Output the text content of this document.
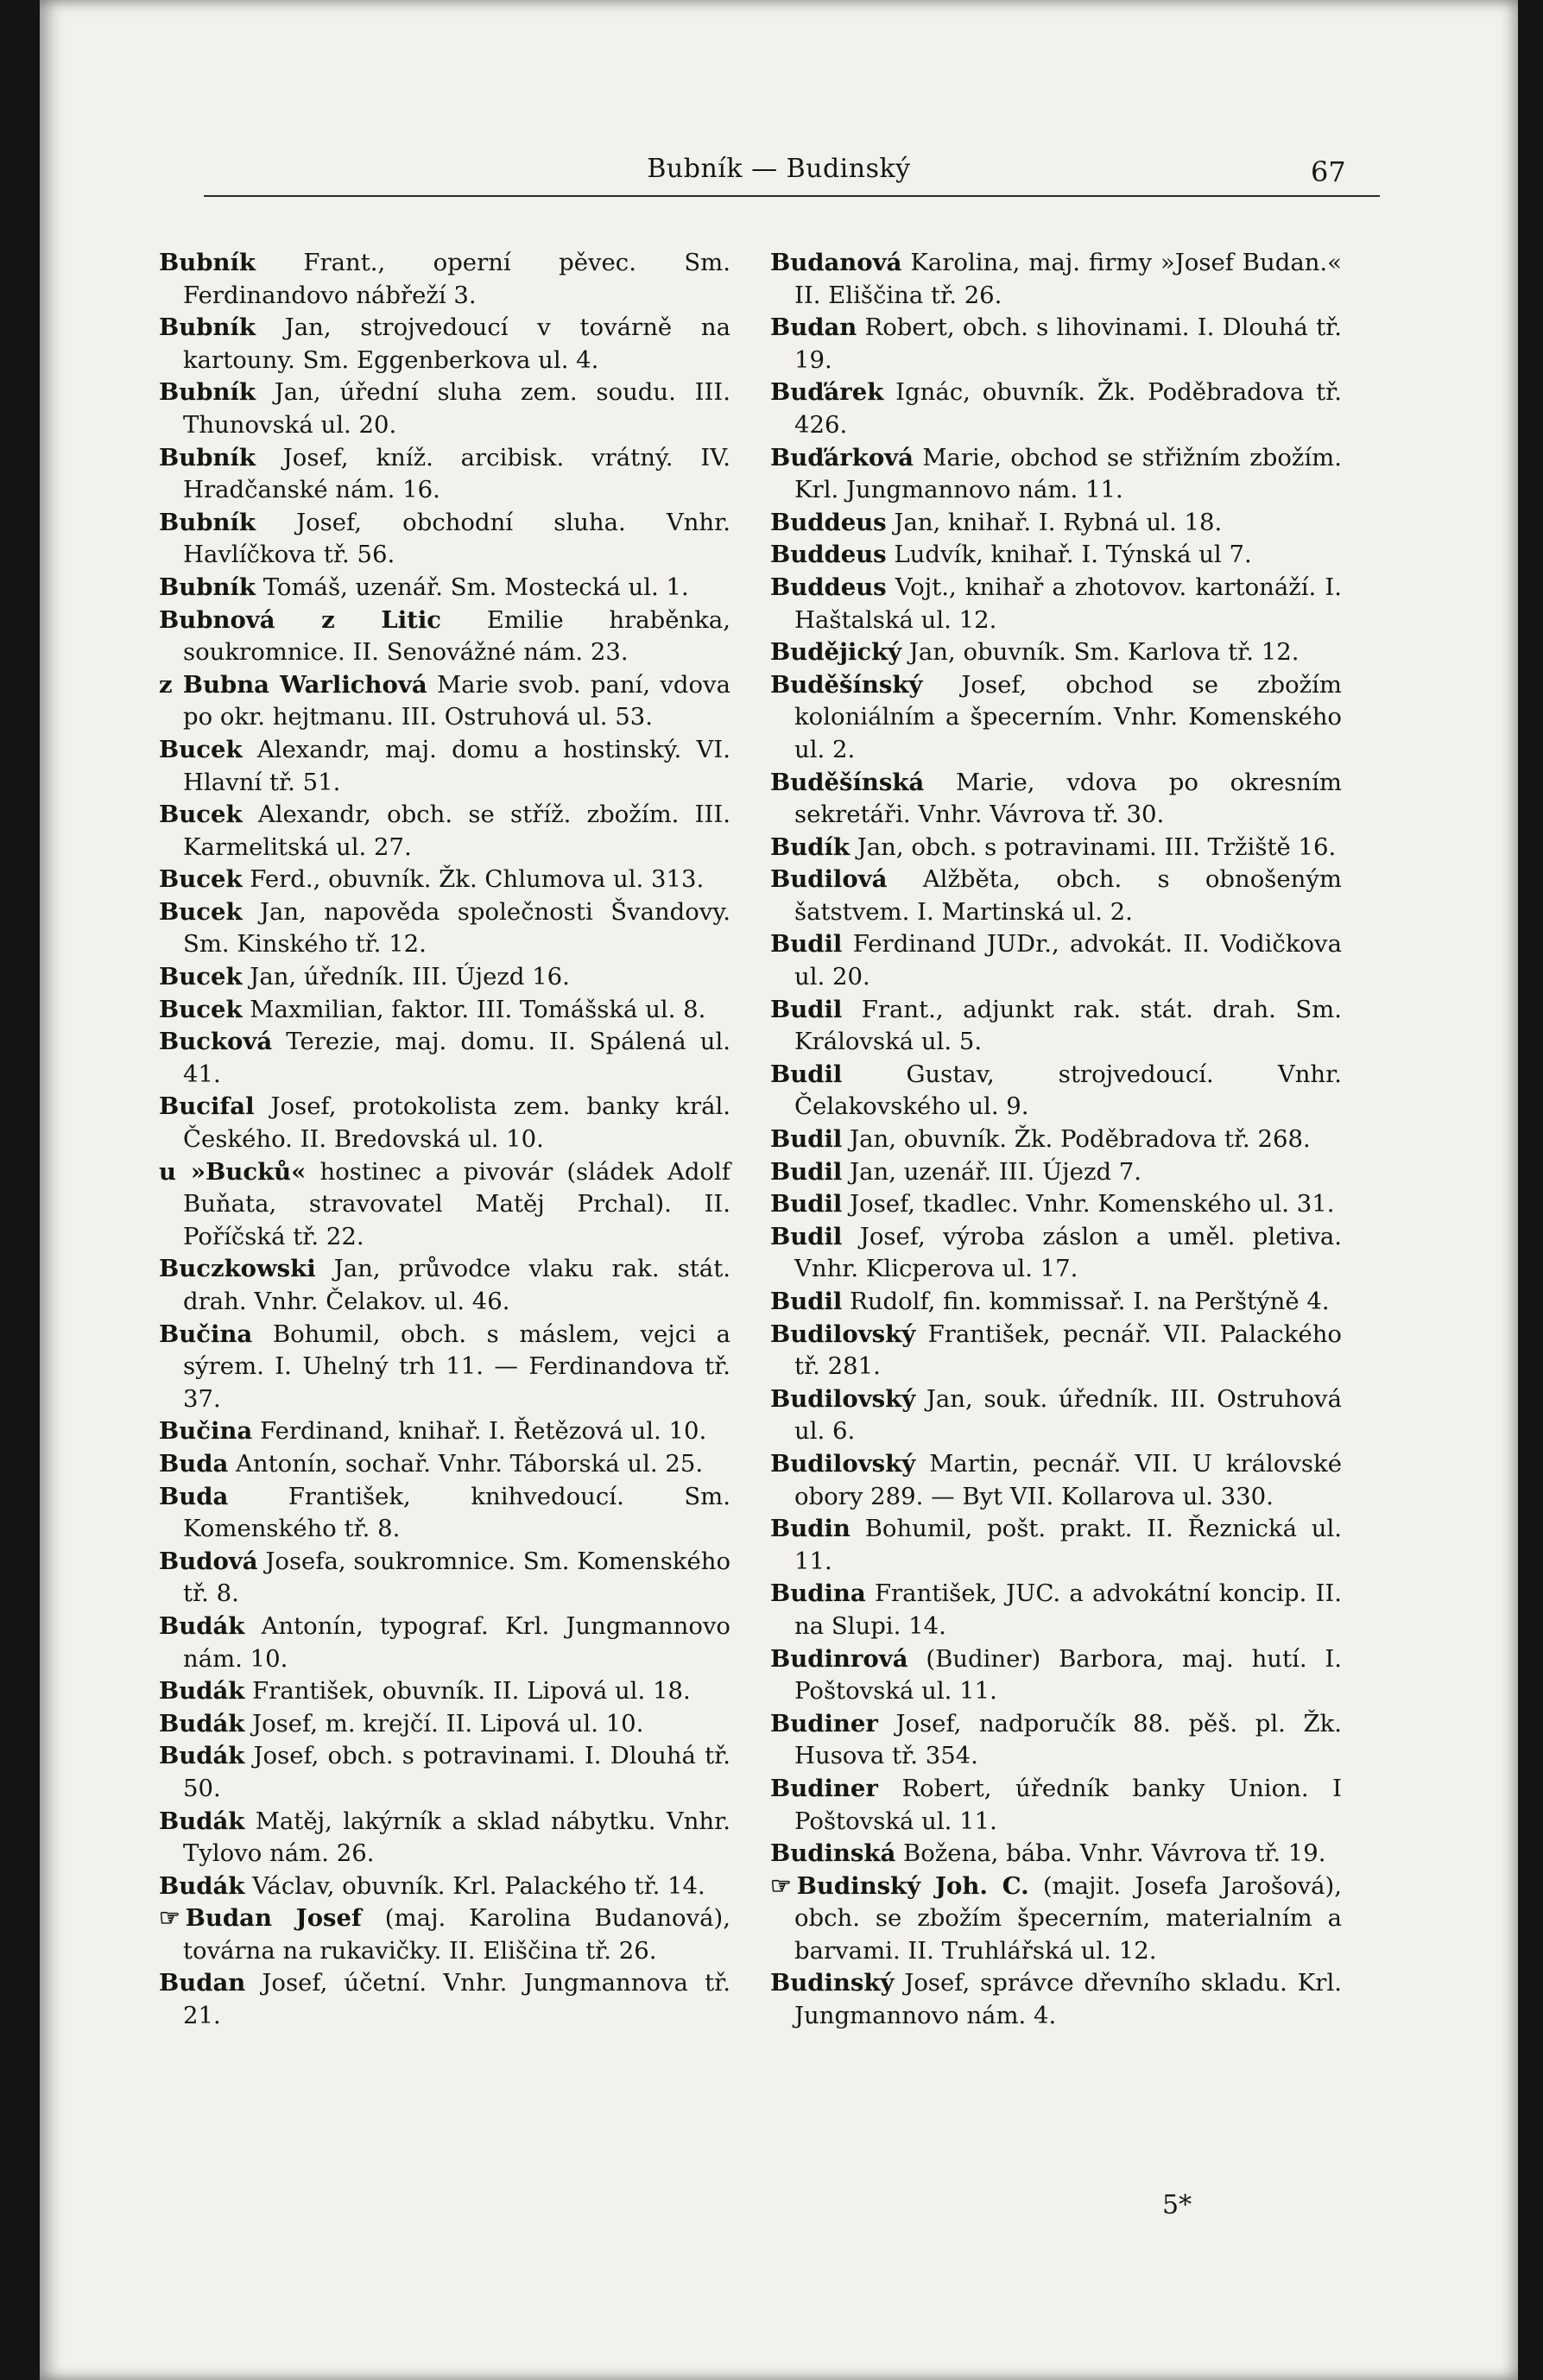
Bubník — Budinský	67

Bubník Frant., operní pěvec. Sm. Ferdinandovo nábřeží 3.

Bubník Jan, strojvedoucí v továrně na kartouny. Sm. Eggenberkova ul. 4.

Bubník Jan, úřední sluha zem. soudu. III. Thunovská ul. 20.

Bubník Josef, kníž. arcibisk. vrátný. IV. Hradčanské nám. 16.

Bubník Josef, obchodní sluha. Vnhr. Havlíčkova tř. 56.

Bubník Tomáš, uzenář. Sm. Mostecká ul. 1.

Bubnová z Litic Emilie hraběnka, soukromnice. II. Senovážné nám. 23.

z Bubna Warlichová Marie svob. paní, vdova po okr. hejtmanu. III. Ostruhová ul. 53.

Bucek Alexandr, maj. domu a hostinský. VI. Hlavní tř. 51.

Bucek Alexandr, obch. se stříž. zbožím. III. Karmelitská ul. 27.

Bucek Ferd., obuvník. Žk. Chlumova ul. 313.

Bucek Jan, napověda společnosti Švandovy. Sm. Kinského tř. 12.

Bucek Jan, úředník. III. Újezd 16.

Bucek Maxmilian, faktor. III. Tomášská ul. 8.

Bucková Terezie, maj. domu. II. Spálená ul. 41.

Bucifal Josef, protokolista zem. banky král. Českého. II. Bredovská ul. 10.

u »Bucků« hostinec a pivovár (sládek Adolf Buňata, stravovatel Matěj Prchal). II. Poříčská tř. 22.

Buczkowski Jan, průvodce vlaku rak. stát. drah. Vnhr. Čelakov. ul. 46.

Bučina Bohumil, obch. s máslem, vejci a sýrem. I. Uhelný trh 11. — Ferdinandova tř. 37.

Bučina Ferdinand, knihař. I. Řetězová ul. 10.

Buda Antonín, sochař. Vnhr. Táborská ul. 25.

Buda	František, knihvedoucí. Sm. Komenského tř. 8.

Budová Josefa, soukromnice. Sm. Komenského tř. 8.

Budák Antonín, typograf. Krl. Jungmannovo nám. 10.

Budák František, obuvník. II. Lipová ul. 18.

Budák Josef, m. krejčí. II. Lipová ul. 10.

Budák Josef, obch. s potravinami. I. Dlouhá tř. 50.

Budák Matěj, lakýrník a sklad nábytku. Vnhr. Tylovo nám. 26.

Budák Václav, obuvník. Krl. Palackého tř. 14.

☞ Budan Josef (maj. Karolina Budanová), továrna na rukavičky. II. Eliščina tř. 26.

Budan Josef, účetní. Vnhr. Jungmannova tř. 21.

Budanová Karolina, maj. firmy »Josef Budan.« II. Eliščina tř. 26.

Budan Robert, obch. s lihovinami. I. Dlouhá tř. 19.

Buďárek Ignác, obuvník. Žk. Poděbradova tř. 426.

Buďárková Marie, obchod se střižním zbožím. Krl. Jungmannovo nám. 11.

Buddeus Jan, knihař. I. Rybná ul. 18.

Buddeus Ludvík, knihař. I. Týnská ul 7.

Buddeus Vojt., knihař a zhotovov. kartonáží. I. Haštalská ul. 12.

Budějický Jan, obuvník. Sm. Karlova tř. 12.

Buděšínský Josef, obchod se zbožím koloniálním a špecerním. Vnhr. Komenského ul. 2.

Buděšínská Marie, vdova po okresním sekretáři. Vnhr. Vávrova tř. 30.

Budík Jan, obch. s potravinami. III. Tržiště 16.

Budilová Alžběta, obch. s obnošeným šatstvem. I. Martinská ul. 2.

Budil Ferdinand JUDr., advokát. II. Vodičkova ul. 20.

Budil Frant., adjunkt rak. stát. drah. Sm. Královská ul. 5.

Budil	Gustav, strojvedoucí. Vnhr. Čelakovského ul. 9.

Budil Jan, obuvník. Žk. Poděbradova tř. 268.

Budil Jan, uzenář. III. Újezd 7.

Budil Josef, tkadlec. Vnhr. Komenského ul. 31.

Budil Josef, výroba záslon a uměl. pletiva. Vnhr. Klicperova ul. 17.

Budil Rudolf, fin. kommissař. I. na Perštýně 4.

Budilovský František, pecnář. VII. Palackého tř. 281.

Budilovský Jan, souk. úředník. III. Ostruhová ul. 6.

Budilovský Martin, pecnář. VII. U královské obory 289. — Byt VII. Kollarova ul. 330.

Budin Bohumil, pošt. prakt. II. Řeznická ul. 11.

Budina František, JUC. a advokátní koncip. II. na Slupi. 14.

Budinrová (Budiner) Barbora, maj. hutí. I. Poštovská ul. 11.

Budiner Josef, nadporučík 88. pěš. pl. Žk. Husova tř. 354.

Budiner Robert, úředník banky Union. I Poštovská ul. 11.

Budinská Božena, bába. Vnhr. Vávrova tř. 19.

☞ Budinský Joh. C. (majit. Josefa Jarošová), obch. se zbožím špecerním, materialním a barvami. II. Truhlářská ul. 12.

Budinský Josef, správce dřevního skladu. Krl. Jungmannovo nám. 4.

5*
